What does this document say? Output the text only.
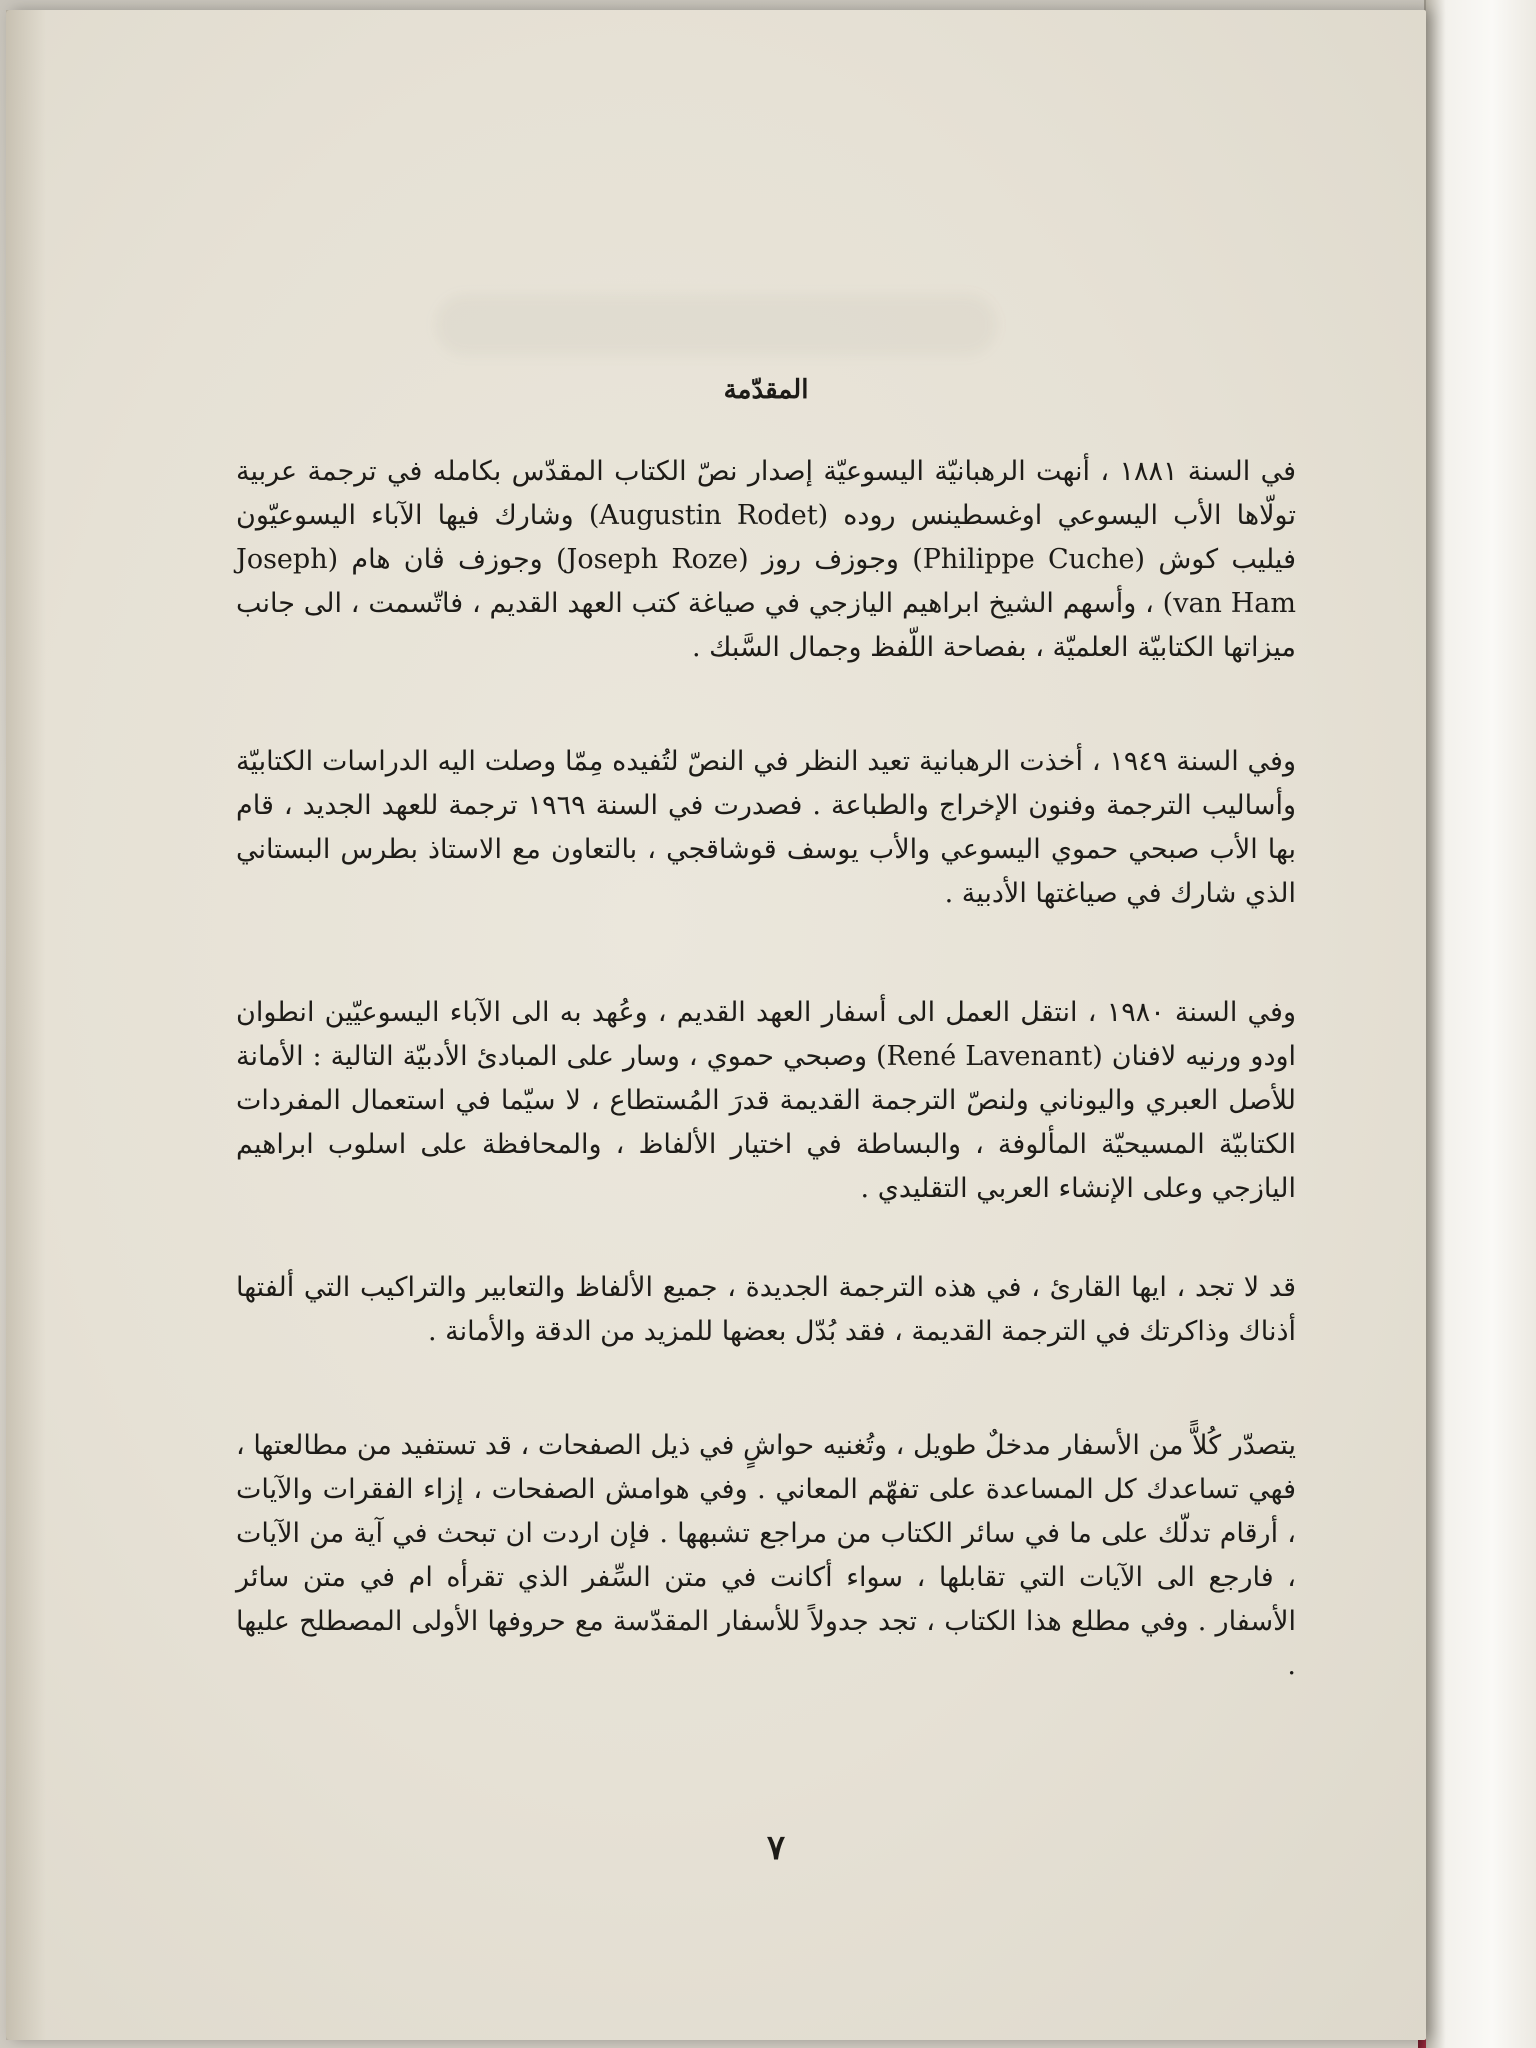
المقدّمة

في السنة ١٨٨١ ، أنهت الرهبانيّة اليسوعيّة إصدار نصّ الكتاب المقدّس بكامله في ترجمة عربية تولّاها الأب اليسوعي اوغسطينس روده (Augustin Rodet) وشارك فيها الآباء اليسوعيّون فيليب كوش (Philippe Cuche) وجوزف روز (Joseph Roze) وجوزف ڤان هام (Joseph van Ham) ، وأسهم الشيخ ابراهيم اليازجي في صياغة كتب العهد القديم ، فاتّسمت ، الى جانب ميزاتها الكتابيّة العلميّة ، بفصاحة اللّفظ وجمال السَّبك .

وفي السنة ١٩٤٩ ، أخذت الرهبانية تعيد النظر في النصّ لتُفيده مِمّا وصلت اليه الدراسات الكتابيّة وأساليب الترجمة وفنون الإخراج والطباعة . فصدرت في السنة ١٩٦٩ ترجمة للعهد الجديد ، قام بها الأب صبحي حموي اليسوعي والأب يوسف قوشاقجي ، بالتعاون مع الاستاذ بطرس البستاني الذي شارك في صياغتها الأدبية .

وفي السنة ١٩٨٠ ، انتقل العمل الى أسفار العهد القديم ، وعُهد به الى الآباء اليسوعيّين انطوان اودو ورنيه لافنان (René Lavenant) وصبحي حموي ، وسار على المبادئ الأدبيّة التالية : الأمانة للأصل العبري واليوناني ولنصّ الترجمة القديمة قدرَ المُستطاع ، لا سيّما في استعمال المفردات الكتابيّة المسيحيّة المألوفة ، والبساطة في اختيار الألفاظ ، والمحافظة على اسلوب ابراهيم اليازجي وعلى الإنشاء العربي التقليدي .

قد لا تجد ، ايها القارئ ، في هذه الترجمة الجديدة ، جميع الألفاظ والتعابير والتراكيب التي ألفتها أذناك وذاكرتك في الترجمة القديمة ، فقد بُدّل بعضها للمزيد من الدقة والأمانة .

يتصدّر كُلاًّ من الأسفار مدخلٌ طويل ، وتُغنيه حواشٍ في ذيل الصفحات ، قد تستفيد من مطالعتها ، فهي تساعدك كل المساعدة على تفهّم المعاني . وفي هوامش الصفحات ، إزاء الفقرات والآيات ، أرقام تدلّك على ما في سائر الكتاب من مراجع تشبهها . فإن اردت ان تبحث في آية من الآيات ، فارجع الى الآيات التي تقابلها ، سواء أكانت في متن السِّفر الذي تقرأه ام في متن سائر الأسفار . وفي مطلع هذا الكتاب ، تجد جدولاً للأسفار المقدّسة مع حروفها الأولى المصطلح عليها .

٧
